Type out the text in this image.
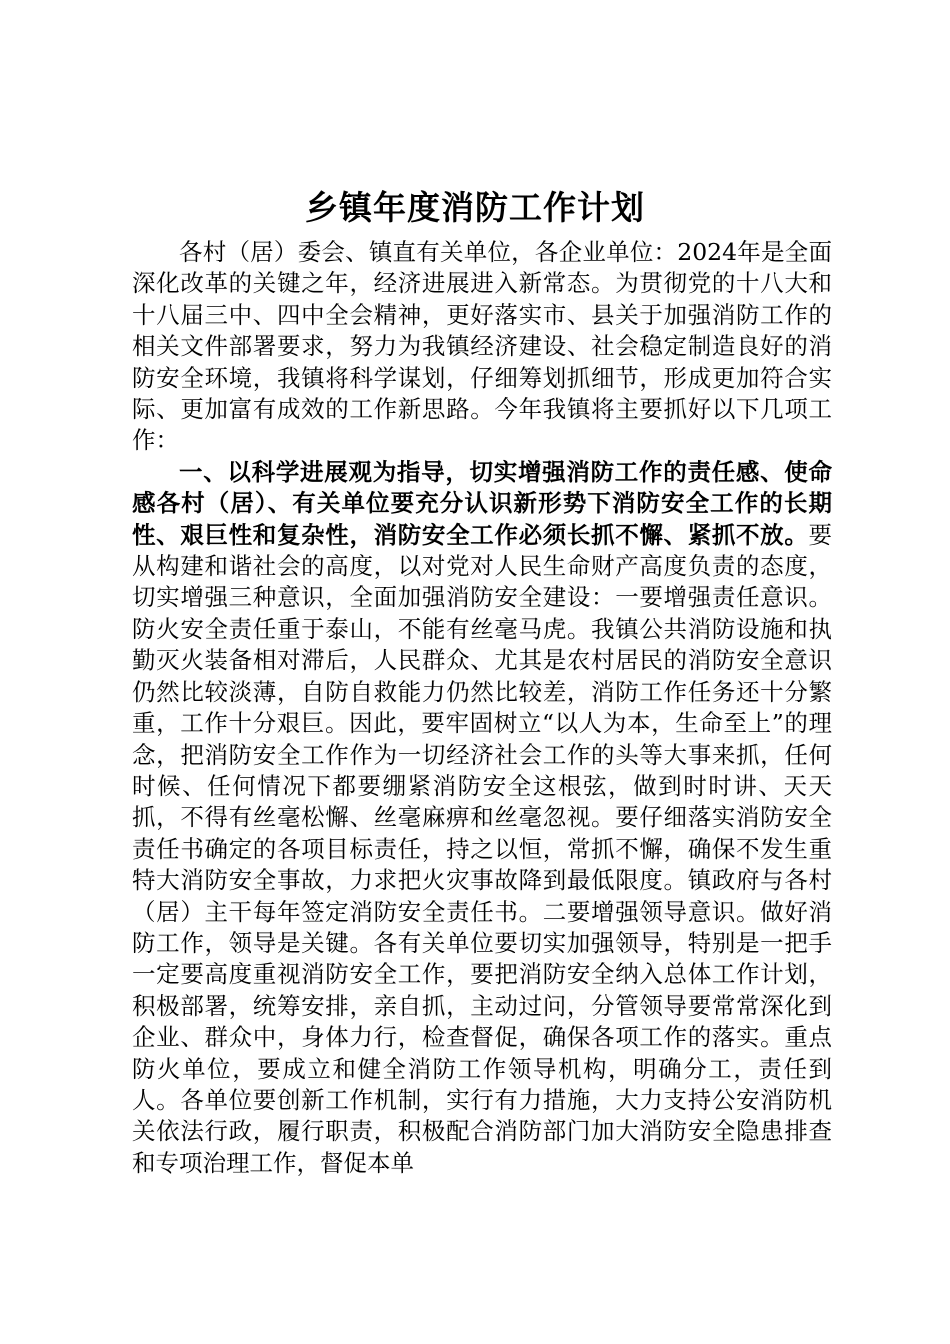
乡镇年度消防工作计划

各村（居）委会、镇直有关单位，各企业单位：2024年是全面深化改革的关键之年，经济进展进入新常态。为贯彻党的十八大和十八届三中、四中全会精神，更好落实市、县关于加强消防工作的相关文件部署要求，努力为我镇经济建设、社会稳定制造良好的消防安全环境，我镇将科学谋划，仔细筹划抓细节，形成更加符合实际、更加富有成效的工作新思路。今年我镇将主要抓好以下几项工作：

一、以科学进展观为指导，切实增强消防工作的责任感、使命感各村（居）、有关单位要充分认识新形势下消防安全工作的长期性、艰巨性和复杂性，消防安全工作必须长抓不懈、紧抓不放。要从构建和谐社会的高度，以对党对人民生命财产高度负责的态度，切实增强三种意识，全面加强消防安全建设：一要增强责任意识。防火安全责任重于泰山，不能有丝毫马虎。我镇公共消防设施和执勤灭火装备相对滞后，人民群众、尤其是农村居民的消防安全意识仍然比较淡薄，自防自救能力仍然比较差，消防工作任务还十分繁重，工作十分艰巨。因此，要牢固树立“以人为本，生命至上”的理念，把消防安全工作作为一切经济社会工作的头等大事来抓，任何时候、任何情况下都要绷紧消防安全这根弦，做到时时讲、天天抓，不得有丝毫松懈、丝毫麻痹和丝毫忽视。要仔细落实消防安全责任书确定的各项目标责任，持之以恒，常抓不懈，确保不发生重特大消防安全事故，力求把火灾事故降到最低限度。镇政府与各村（居）主干每年签定消防安全责任书。二要增强领导意识。做好消防工作，领导是关键。各有关单位要切实加强领导，特别是一把手一定要高度重视消防安全工作，要把消防安全纳入总体工作计划，积极部署，统筹安排，亲自抓，主动过问，分管领导要常常深化到企业、群众中，身体力行，检查督促，确保各项工作的落实。重点防火单位，要成立和健全消防工作领导机构，明确分工，责任到人。各单位要创新工作机制，实行有力措施，大力支持公安消防机关依法行政，履行职责，积极配合消防部门加大消防安全隐患排查和专项治理工作，督促本单
